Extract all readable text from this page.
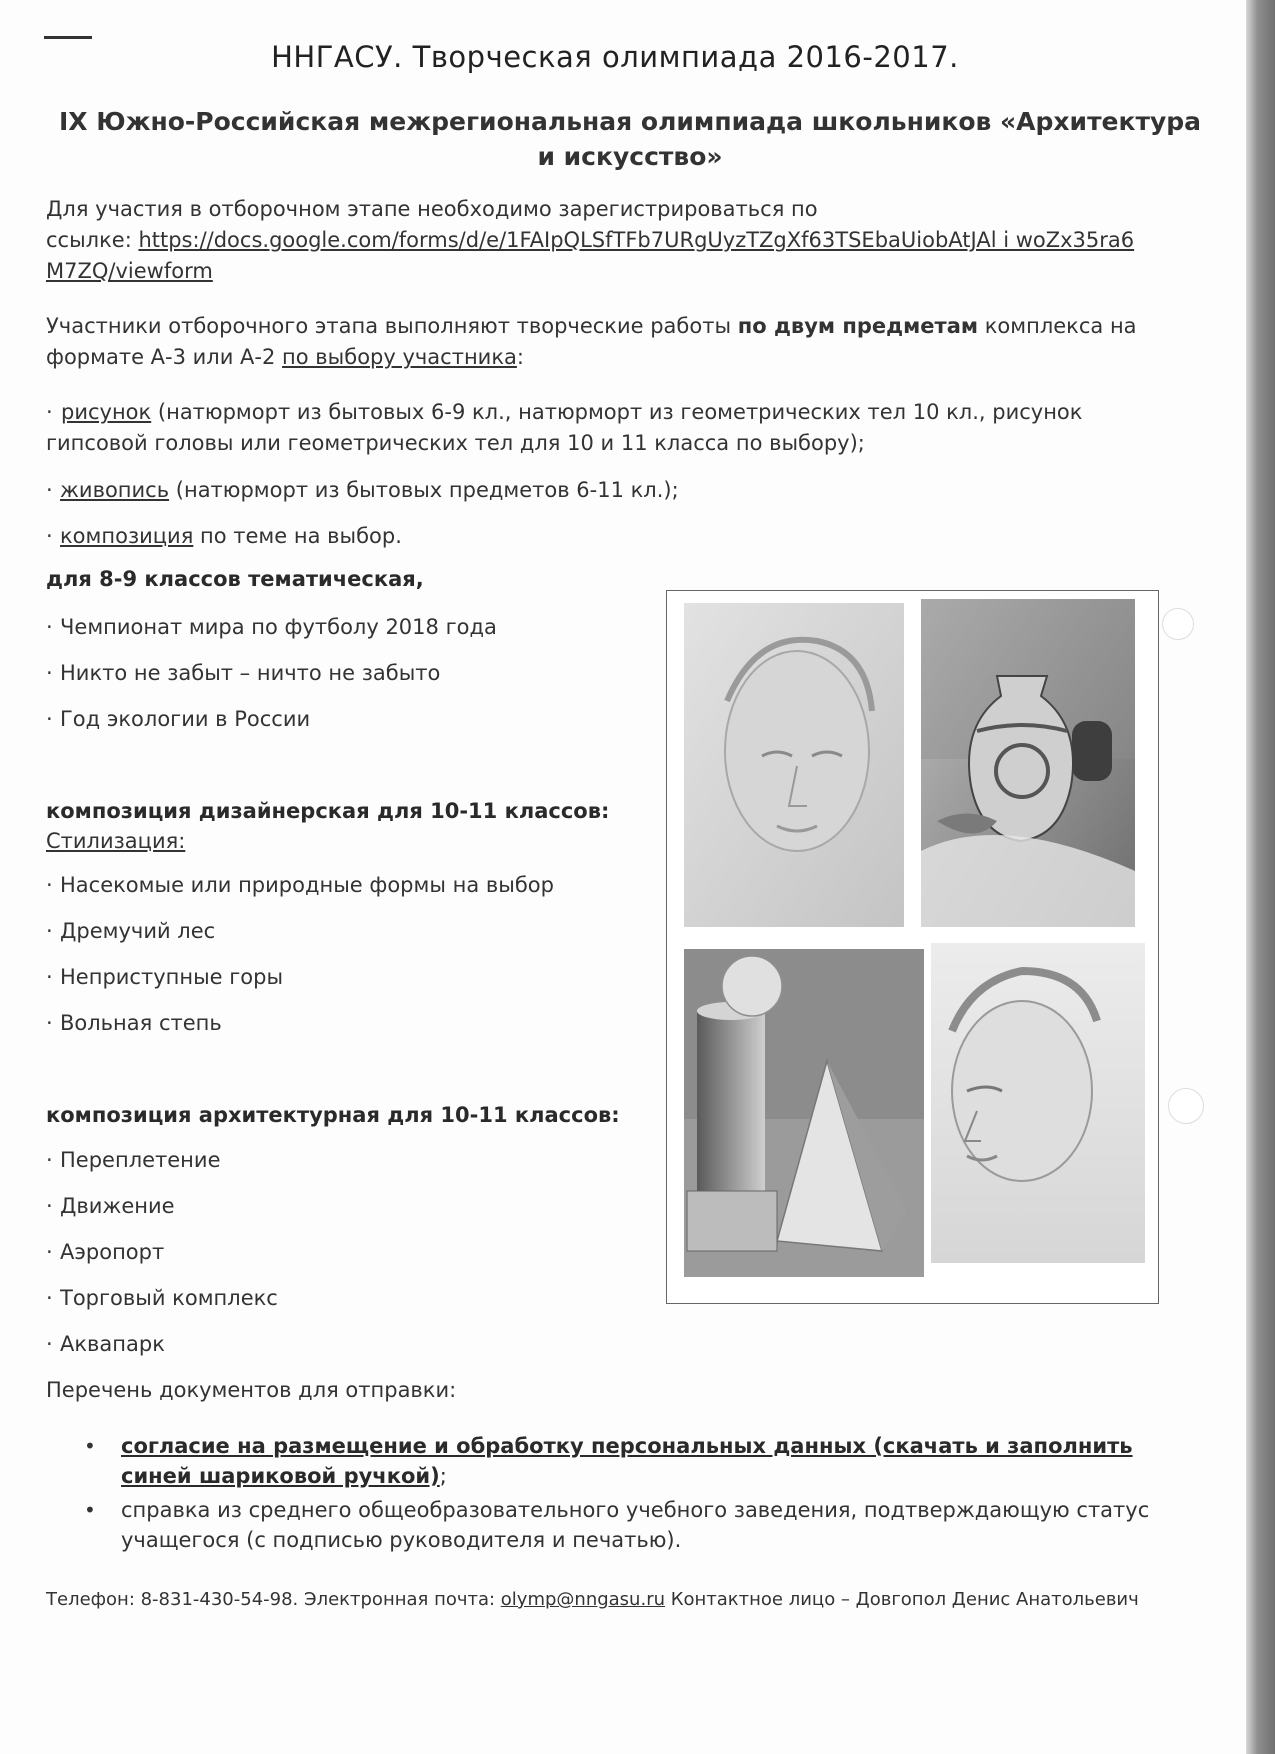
ННГАСУ. Творческая олимпиада 2016-2017.
IX Южно-Российская межрегиональная олимпиада школьников «Архитектура
и искусство»
Для участия в отборочном этапе необходимо зарегистрироваться по
ссылке: https://docs.google.com/forms/d/e/1FAIpQLSfTFb7URgUyzTZgXf63TSEbaUiobAtJAl i woZx35ra6
M7ZQ/viewform
Участники отборочного этапа выполняют творческие работы по двум предметам комплекса на
формате А-3 или А-2 по выбору участника:
· рисунок (натюрморт из бытовых 6-9 кл., натюрморт из геометрических тел 10 кл., рисунок
гипсовой головы или геометрических тел для 10 и 11 класса по выбору);
· живопись (натюрморт из бытовых предметов 6-11 кл.);
· композиция по теме на выбор.
для 8-9 классов тематическая,
· Чемпионат мира по футболу 2018 года
· Никто не забыт – ничто не забыто
· Год экологии в России
композиция дизайнерская для 10-11 классов:
Стилизация:
· Насекомые или природные формы на выбор
· Дремучий лес
· Неприступные горы
· Вольная степь
композиция архитектурная для 10-11 классов:
· Переплетение
· Движение
· Аэропорт
· Торговый комплекс
· Аквапарк
Перечень документов для отправки:
• согласие на размещение и обработку персональных данных (скачать и заполнить
синей шариковой ручкой);
• справка из среднего общеобразовательного учебного заведения, подтверждающую статус
учащегося (с подписью руководителя и печатью).
Телефон: 8-831-430-54-98. Электронная почта: olymp@nngasu.ru Контактное лицо – Довгопол Денис Анатольевич
